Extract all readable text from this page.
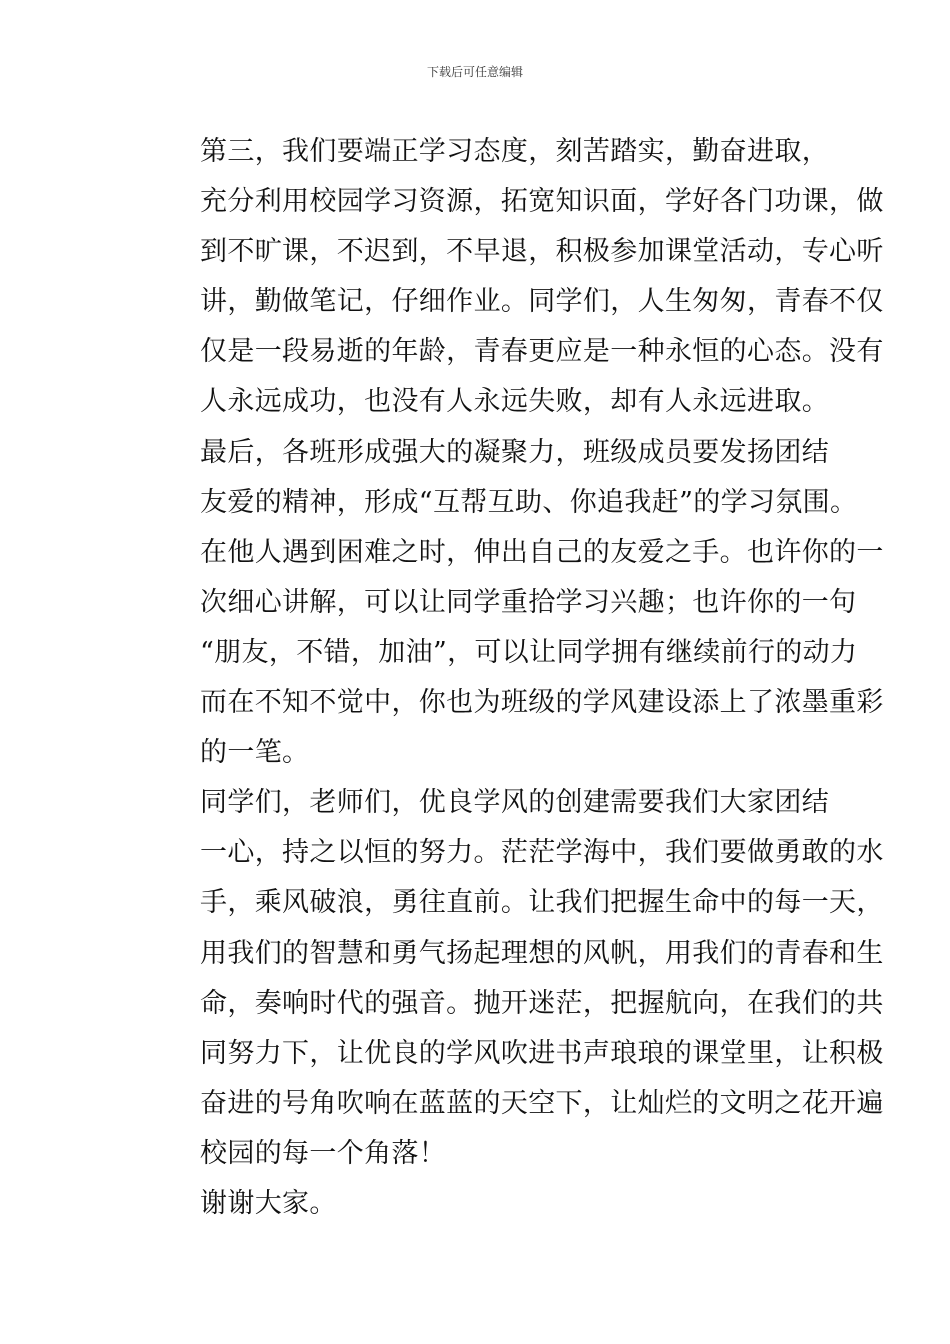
下载后可任意编辑

第三，我们要端正学习态度，刻苦踏实，勤奋进取，
充分利用校园学习资源，拓宽知识面，学好各门功课，做
到不旷课，不迟到，不早退，积极参加课堂活动，专心听
讲，勤做笔记，仔细作业。同学们，人生匆匆，青春不仅
仅是一段易逝的年龄，青春更应是一种永恒的心态。没有
人永远成功，也没有人永远失败，却有人永远进取。

最后，各班形成强大的凝聚力，班级成员要发扬团结
友爱的精神，形成“互帮互助、你追我赶”的学习氛围。
在他人遇到困难之时，伸出自己的友爱之手。也许你的一
次细心讲解，可以让同学重拾学习兴趣；也许你的一句
“朋友，不错，加油”，可以让同学拥有继续前行的动力
而在不知不觉中，你也为班级的学风建设添上了浓墨重彩
的一笔。

同学们，老师们，优良学风的创建需要我们大家团结
一心，持之以恒的努力。茫茫学海中，我们要做勇敢的水
手，乘风破浪，勇往直前。让我们把握生命中的每一天，
用我们的智慧和勇气扬起理想的风帆，用我们的青春和生
命，奏响时代的强音。抛开迷茫，把握航向，在我们的共
同努力下，让优良的学风吹进书声琅琅的课堂里，让积极
奋进的号角吹响在蓝蓝的天空下，让灿烂的文明之花开遍
校园的每一个角落！

谢谢大家。
